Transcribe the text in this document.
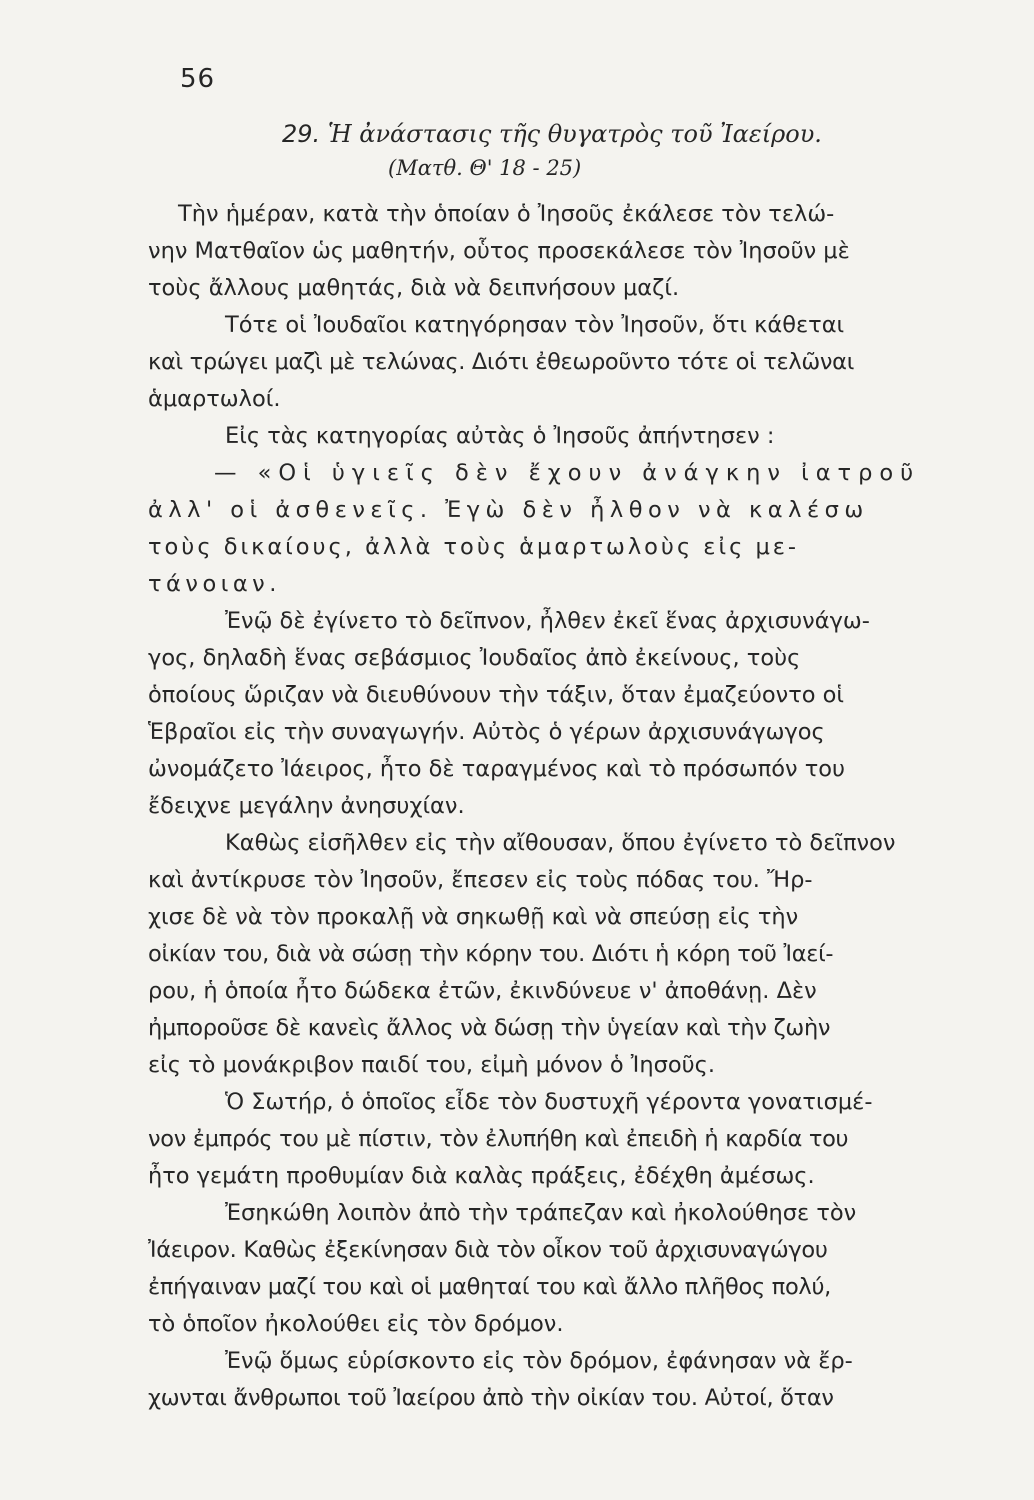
56
29. Ἡ ἀνάστασις τῆς θυγατρὸς τοῦ Ἰαείρου.
(Ματθ. Θ' 18 - 25)
Τὴν ἡμέραν, κατὰ τὴν ὁποίαν ὁ Ἰησοῦς ἐκάλεσε τὸν τελώ-
νην Ματθαῖον ὡς μαθητήν, οὗτος προσεκάλεσε τὸν Ἰησοῦν μὲ
τοὺς ἄλλους μαθητάς, διὰ νὰ δειπνήσουν μαζί.
Τότε οἱ Ἰουδαῖοι κατηγόρησαν τὸν Ἰησοῦν, ὅτι κάθεται
καὶ τρώγει μαζὶ μὲ τελώνας. Διότι ἐθεωροῦντο τότε οἱ τελῶναι
ἁμαρτωλοί.
Εἰς τὰς κατηγορίας αὐτὰς ὁ Ἰησοῦς ἀπήντησεν :
— «Οἱ ὑγιεῖς δὲν ἔχουν ἀνάγκην ἰατροῦ
ἀλλ' οἱ ἀσθενεῖς. Ἐγὼ δὲν ἦλθον νὰ καλέσω
τοὺς δικαίους, ἀλλὰ τοὺς ἁμαρτωλοὺς εἰς με-
τάνοιαν.
Ἐνῷ δὲ ἐγίνετο τὸ δεῖπνον, ἦλθεν ἐκεῖ ἕνας ἀρχισυνάγω-
γος, δηλαδὴ ἕνας σεβάσμιος Ἰουδαῖος ἀπὸ ἐκείνους, τοὺς
ὁποίους ὥριζαν νὰ διευθύνουν τὴν τάξιν, ὅταν ἐμαζεύοντο οἱ
Ἑβραῖοι εἰς τὴν συναγωγήν. Αὐτὸς ὁ γέρων ἀρχισυνάγωγος
ὠνομάζετο Ἰάειρος, ἦτο δὲ ταραγμένος καὶ τὸ πρόσωπόν του
ἔδειχνε μεγάλην ἀνησυχίαν.
Καθὼς εἰσῆλθεν εἰς τὴν αἴθουσαν, ὅπου ἐγίνετο τὸ δεῖπνον
καὶ ἀντίκρυσε τὸν Ἰησοῦν, ἔπεσεν εἰς τοὺς πόδας του. Ἤρ-
χισε δὲ νὰ τὸν προκαλῇ νὰ σηκωθῇ καὶ νὰ σπεύσῃ εἰς τὴν
οἰκίαν του, διὰ νὰ σώσῃ τὴν κόρην του. Διότι ἡ κόρη τοῦ Ἰαεί-
ρου, ἡ ὁποία ἦτο δώδεκα ἐτῶν, ἐκινδύνευε ν' ἀποθάνῃ. Δὲν
ἠμποροῦσε δὲ κανεὶς ἄλλος νὰ δώσῃ τὴν ὑγείαν καὶ τὴν ζωὴν
εἰς τὸ μονάκριβον παιδί του, εἰμὴ μόνον ὁ Ἰησοῦς.
Ὁ Σωτήρ, ὁ ὁποῖος εἶδε τὸν δυστυχῆ γέροντα γονατισμέ-
νον ἐμπρός του μὲ πίστιν, τὸν ἐλυπήθη καὶ ἐπειδὴ ἡ καρδία του
ἦτο γεμάτη προθυμίαν διὰ καλὰς πράξεις, ἐδέχθη ἀμέσως.
Ἐσηκώθη λοιπὸν ἀπὸ τὴν τράπεζαν καὶ ἠκολούθησε τὸν
Ἰάειρον. Καθὼς ἐξεκίνησαν διὰ τὸν οἶκον τοῦ ἀρχισυναγώγου
ἐπήγαιναν μαζί του καὶ οἱ μαθηταί του καὶ ἄλλο πλῆθος πολύ,
τὸ ὁποῖον ἠκολούθει εἰς τὸν δρόμον.
Ἐνῷ ὅμως εὑρίσκοντο εἰς τὸν δρόμον, ἐφάνησαν νὰ ἔρ-
χωνται ἄνθρωποι τοῦ Ἰαείρου ἀπὸ τὴν οἰκίαν του. Αὐτοί, ὅταν
